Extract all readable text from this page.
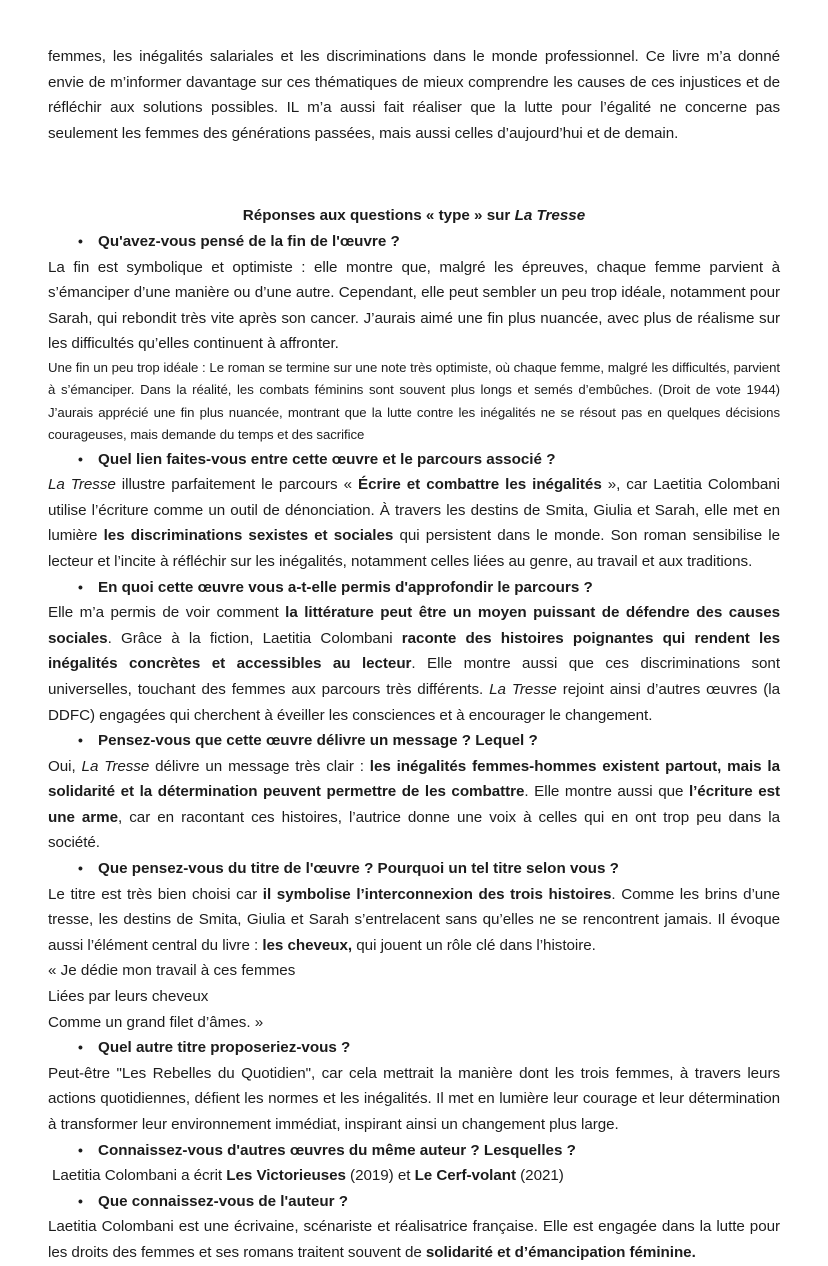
femmes, les inégalités salariales et les discriminations dans le monde professionnel. Ce livre m’a donné envie de m’informer davantage sur ces thématiques de mieux comprendre les causes de ces injustices et de réfléchir aux solutions possibles. IL m’a aussi fait réaliser que la lutte pour l’égalité ne concerne pas seulement les femmes des générations passées, mais aussi celles d’aujourd’hui et de demain.

Réponses aux questions « type » sur La Tresse

• Qu'avez-vous pensé de la fin de l'œuvre ?

La fin est symbolique et optimiste : elle montre que, malgré les épreuves, chaque femme parvient à s’émanciper d’une manière ou d’une autre. Cependant, elle peut sembler un peu trop idéale, notamment pour Sarah, qui rebondit très vite après son cancer. J’aurais aimé une fin plus nuancée, avec plus de réalisme sur les difficultés qu’elles continuent à affronter.

Une fin un peu trop idéale : Le roman se termine sur une note très optimiste, où chaque femme, malgré les difficultés, parvient à s’émanciper. Dans la réalité, les combats féminins sont souvent plus longs et semés d’embûches. (Droit de vote 1944) J’aurais apprécié une fin plus nuancée, montrant que la lutte contre les inégalités ne se résout pas en quelques décisions courageuses, mais demande du temps et des sacrifice

• Quel lien faites-vous entre cette œuvre et le parcours associé ?

La Tresse illustre parfaitement le parcours « Écrire et combattre les inégalités », car Laetitia Colombani utilise l’écriture comme un outil de dénonciation. À travers les destins de Smita, Giulia et Sarah, elle met en lumière les discriminations sexistes et sociales qui persistent dans le monde. Son roman sensibilise le lecteur et l’incite à réfléchir sur les inégalités, notamment celles liées au genre, au travail et aux traditions.

• En quoi cette œuvre vous a-t-elle permis d'approfondir le parcours ?

Elle m’a permis de voir comment la littérature peut être un moyen puissant de défendre des causes sociales. Grâce à la fiction, Laetitia Colombani raconte des histoires poignantes qui rendent les inégalités concrètes et accessibles au lecteur. Elle montre aussi que ces discriminations sont universelles, touchant des femmes aux parcours très différents. La Tresse rejoint ainsi d’autres œuvres (la DDFC) engagées qui cherchent à éveiller les consciences et à encourager le changement.

• Pensez-vous que cette œuvre délivre un message ? Lequel ?

Oui, La Tresse délivre un message très clair : les inégalités femmes-hommes existent partout, mais la solidarité et la détermination peuvent permettre de les combattre. Elle montre aussi que l’écriture est une arme, car en racontant ces histoires, l’autrice donne une voix à celles qui en ont trop peu dans la société.

• Que pensez-vous du titre de l'œuvre ? Pourquoi un tel titre selon vous ?

Le titre est très bien choisi car il symbolise l’interconnexion des trois histoires. Comme les brins d’une tresse, les destins de Smita, Giulia et Sarah s’entrelacent sans qu’elles ne se rencontrent jamais. Il évoque aussi l’élément central du livre : les cheveux, qui jouent un rôle clé dans l’histoire.

« Je dédie mon travail à ces femmes

Liées par leurs cheveux

Comme un grand filet d’âmes. »

• Quel autre titre proposeriez-vous ?

Peut-être "Les Rebelles du Quotidien", car cela mettrait la manière dont les trois femmes, à travers leurs actions quotidiennes, défient les normes et les inégalités. Il met en lumière leur courage et leur détermination à transformer leur environnement immédiat, inspirant ainsi un changement plus large.

• Connaissez-vous d'autres œuvres du même auteur ? Lesquelles ?

Laetitia Colombani a écrit Les Victorieuses (2019) et Le Cerf-volant (2021)

• Que connaissez-vous de l'auteur ?

Laetitia Colombani est une écrivaine, scénariste et réalisatrice française. Elle est engagée dans la lutte pour les droits des femmes et ses romans traitent souvent de solidarité et d’émancipation féminine.
